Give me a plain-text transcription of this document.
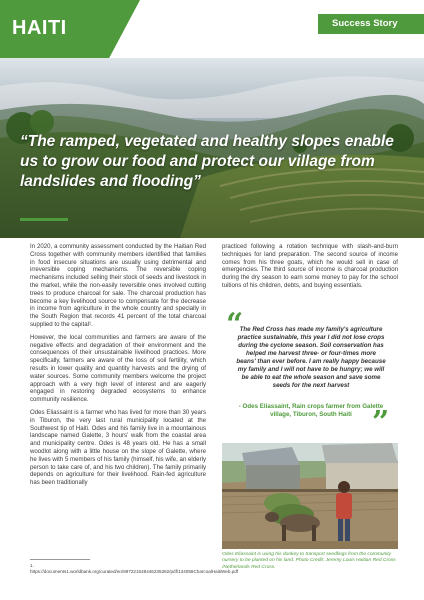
HAITI	Success Story
“The ramped, vegetated and healthy slopes enable us to grow our food and protect our village from landslides and flooding”

In 2020, a community assessment conducted by the Haitian Red Cross together with community members identified that families in food insecure situations are usually using detrimental and irreversible coping mechanisms. The reversible coping mechanisms included selling their stock of seeds and livestock in the market, while the non-easily reversible ones involved cutting trees to produce charcoal for sale. The charcoal production has become a key livelihood source to compensate for the decrease in income from agriculture in the whole country and specially in the South Region that records 41 percent of the total charcoal supplied to the capital¹.

However, the local communities and farmers are aware of the negative effects and degradation of their environment and the consequences of their unsustainable livelihood practices. More specifically, farmers are aware of the loss of soil fertility, which results in lower quality and quantity harvests and the drying of water sources. Some community members welcome the project approach with a very high level of interest and are eagerly engaged in restoring degraded ecosystems to enhance community resilience.

Odes Eliassaint is a farmer who has lived for more than 30 years in Tiburon, the very last rural municipality located at the Southwest tip of Haiti. Odes and his family live in a mountainous landscape named Galette, 3 hours' walk from the coastal area and municipality centre. Odes is 48 years old. He has a small woodlot along with a little house on the slope of Galette, where he lives with 5 members of his family (himself, his wife, an elderly person to take care of, and his two children). The family primarily depends on agriculture for their livelihood. Rain-fed agriculture has been traditionally

1. https://documents1.worldbank.org/curated/en/897221548446235362/pdf/134058CharcoalHaitiWeb.pdf

practiced following a rotation technique with slash-and-burn techniques for land preparation. The second source of income comes from his three goats, which he would sell in case of emergencies. The third source of income is charcoal production during the dry season to earn some money to pay for the school tuitions of his children, debts, and buying essentials.

“
The Red Cross has made my family's agriculture practice sustainable, this year I did not lose crops during the cyclone season. Soil conservation has helped me harvest three- or four-times more beans' than ever before. I am really happy because my family and I will not have to be hungry; we will be able to eat the whole season and save some seeds for the next harvest
- Odes Eliassaint, Rain crops farmer from Galette village, Tiburon, South Haiti ”
Odes Eliassaint is using his donkey to transport seedlings from the community nursery to be planted on his land. Photo Credit: Jeremy Louis Haitian Red Cross /Netherlands Red Cross.
